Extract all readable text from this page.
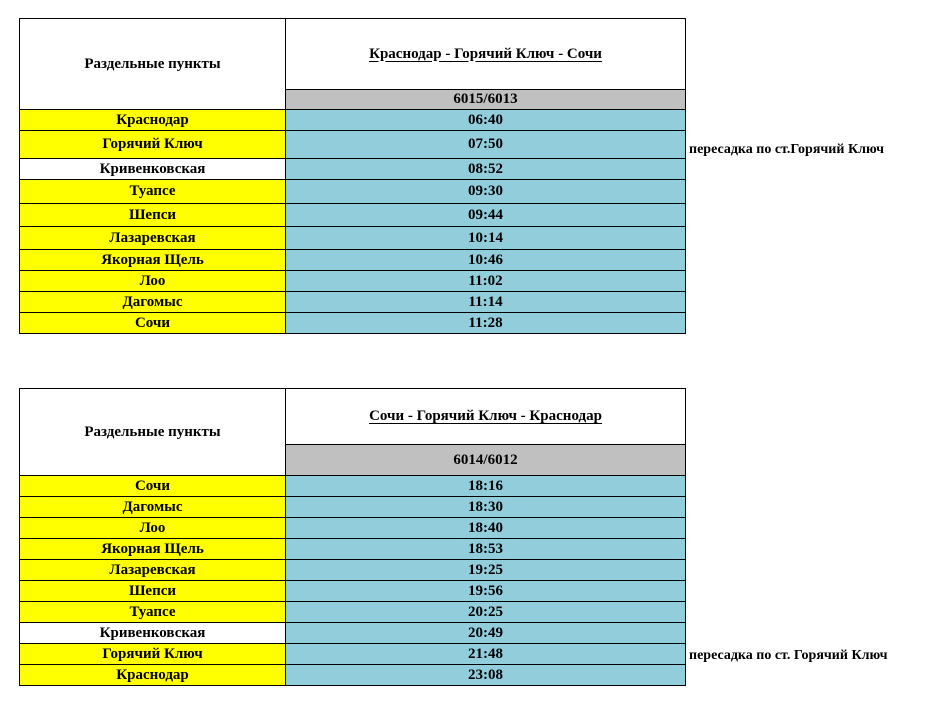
Раздельные пункты	Краснодар - Горячий Ключ - Сочи
	6015/6013
Краснодар	06:40
Горячий Ключ	07:50
Кривенковская	08:52
Туапсе	09:30
Шепси	09:44
Лазаревская	10:14
Якорная Щель	10:46
Лоо	11:02
Дагомыс	11:14
Сочи	11:28
пересадка по ст.Горячий Ключ
Раздельные пункты	Сочи - Горячий Ключ - Краснодар
	6014/6012
Сочи	18:16
Дагомыс	18:30
Лоо	18:40
Якорная Щель	18:53
Лазаревская	19:25
Шепси	19:56
Туапсе	20:25
Кривенковская	20:49
Горячий Ключ	21:48
Краснодар	23:08
пересадка по ст. Горячий Ключ
